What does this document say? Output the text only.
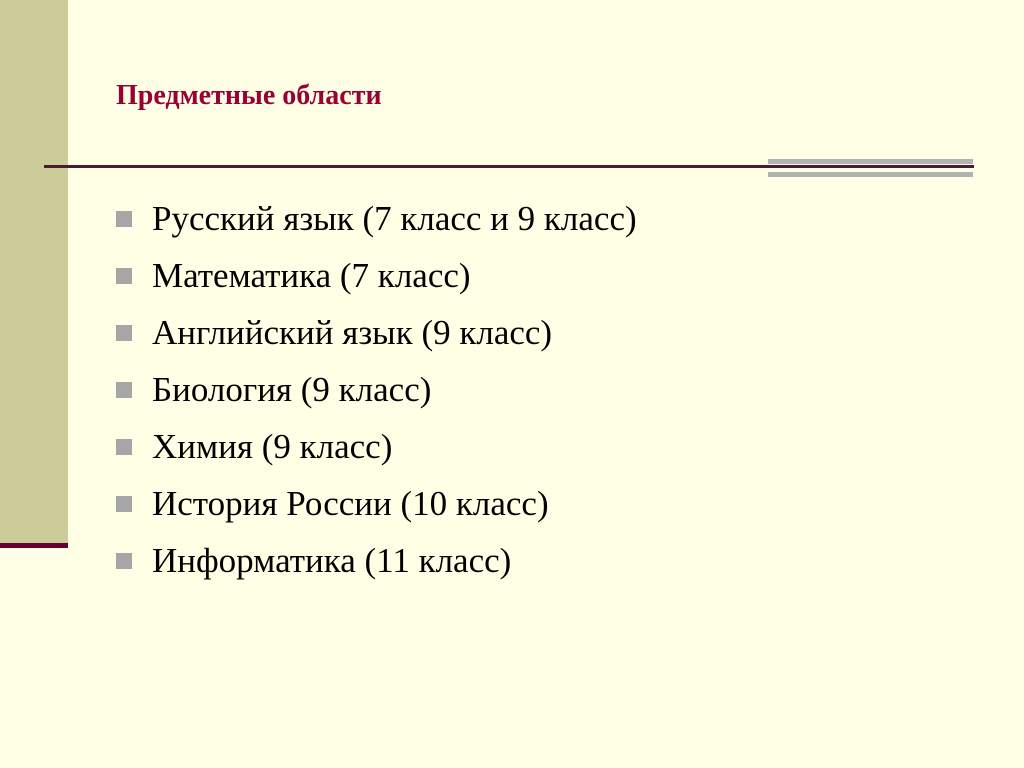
Предметные области
Русский язык (7 класс и 9 класс)
Математика (7 класс)
Английский язык (9 класс)
Биология (9 класс)
Химия (9 класс)
История России (10 класс)
Информатика (11 класс)
